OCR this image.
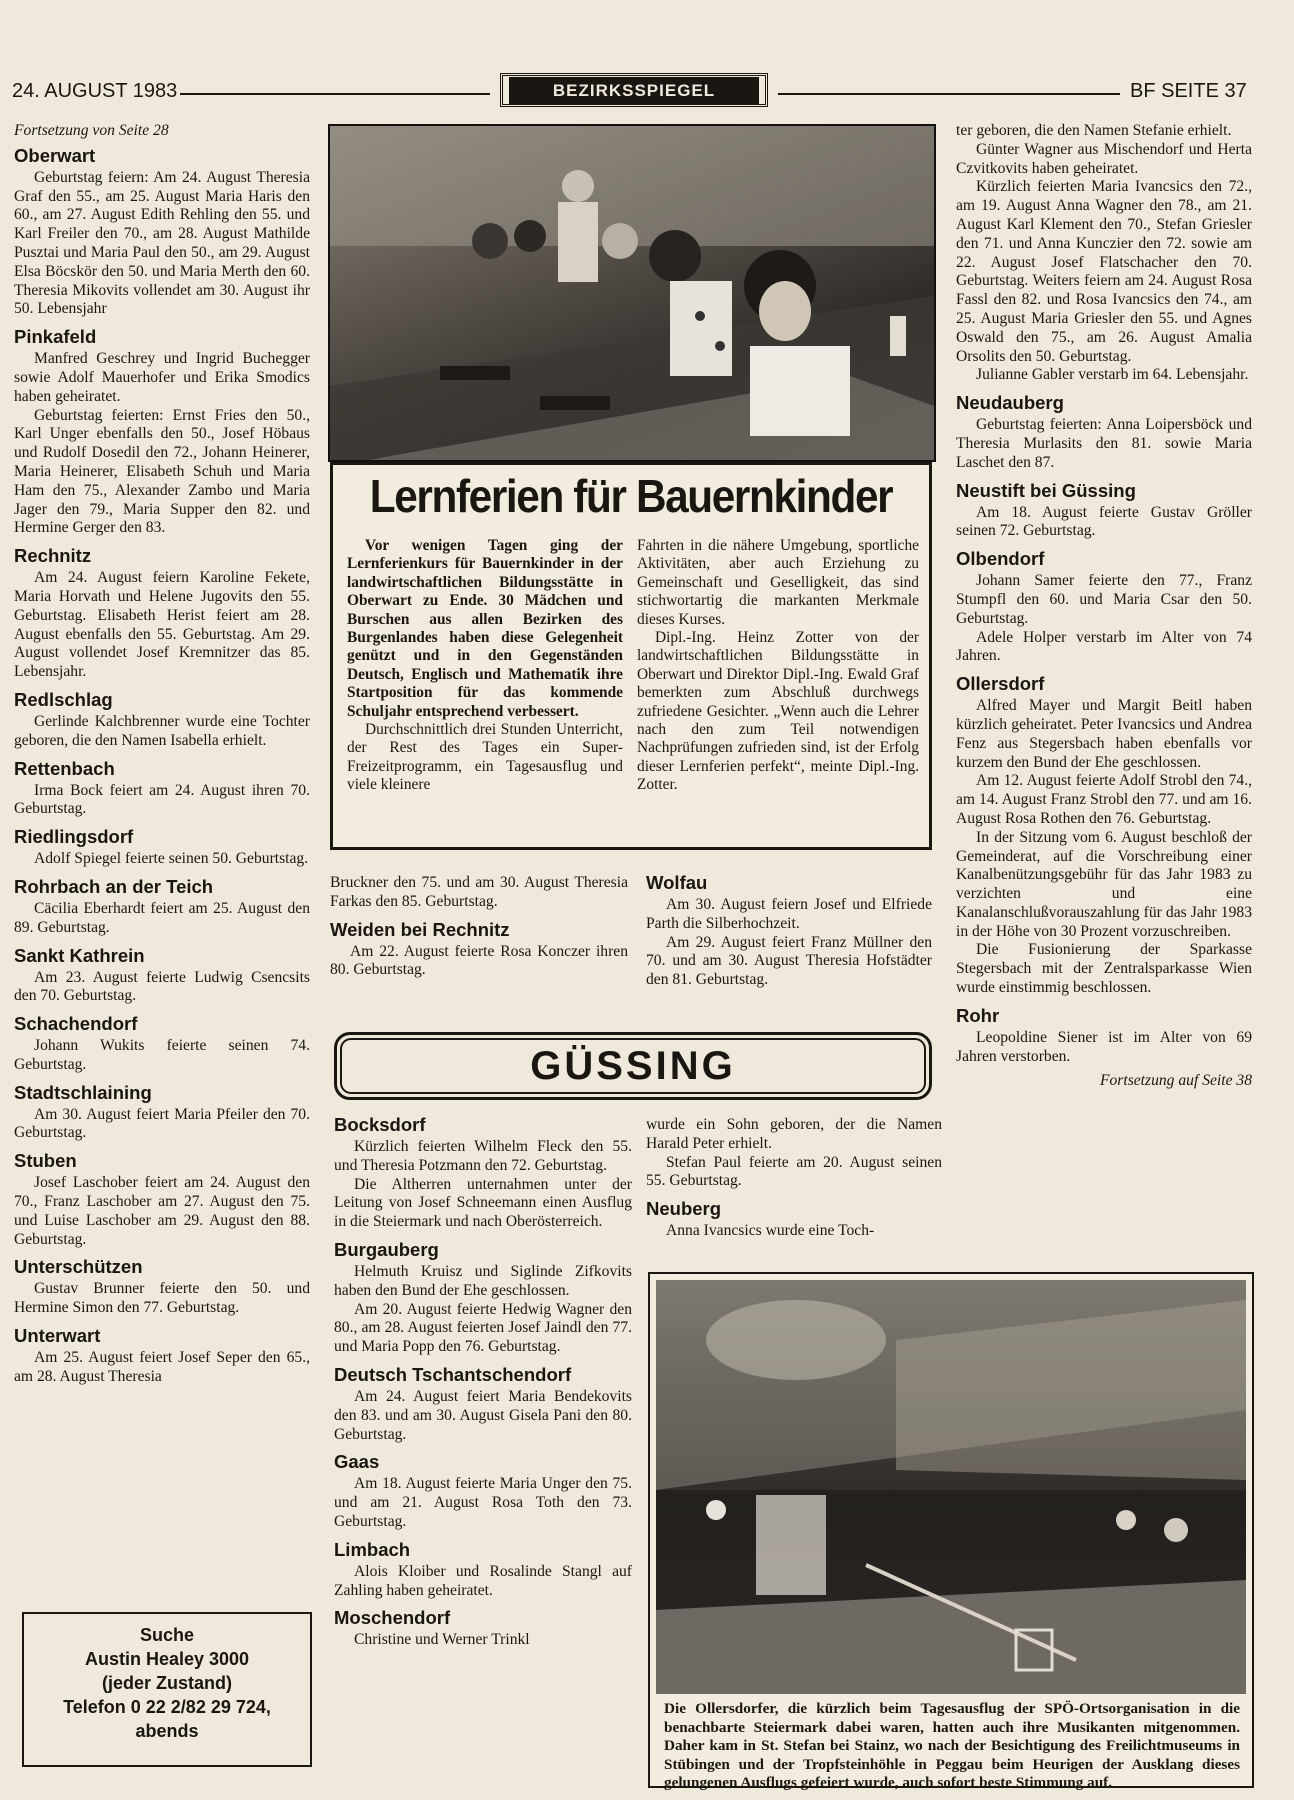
24. AUGUST 1983	BEZIRKSSPIEGEL	BF SEITE 37
Fortsetzung von Seite 28
Oberwart

Geburtstag feiern: Am 24. August Theresia Graf den 55., am 25. August Maria Haris den 60., am 27. August Edith Rehling den 55. und Karl Freiler den 70., am 28. August Mathilde Pusztai und Maria Paul den 50., am 29. August Elsa Böcskör den 50. und Maria Merth den 60. Theresia Mikovits vollendet am 30. August ihr 50. Lebensjahr

Pinkafeld

Manfred Geschrey und Ingrid Buchegger sowie Adolf Mauerhofer und Erika Smodics haben geheiratet.

Geburtstag feierten: Ernst Fries den 50., Karl Unger ebenfalls den 50., Josef Höbaus und Rudolf Dosedil den 72., Johann Heinerer, Maria Heinerer, Elisabeth Schuh und Maria Ham den 75., Alexander Zambo und Maria Jager den 79., Maria Supper den 82. und Hermine Gerger den 83.

Rechnitz

Am 24. August feiern Karoline Fekete, Maria Horvath und Helene Jugovits den 55. Geburtstag. Elisabeth Herist feiert am 28. August ebenfalls den 55. Geburtstag. Am 29. August vollendet Josef Kremnitzer das 85. Lebensjahr.

Redlschlag

Gerlinde Kalchbrenner wurde eine Tochter geboren, die den Namen Isabella erhielt.

Rettenbach

Irma Bock feiert am 24. August ihren 70. Geburtstag.

Riedlingsdorf

Adolf Spiegel feierte seinen 50. Geburtstag.

Rohrbach an der Teich

Cäcilia Eberhardt feiert am 25. August den 89. Geburtstag.

Sankt Kathrein

Am 23. August feierte Ludwig Csencsits den 70. Geburtstag.

Schachendorf

Johann Wukits feierte seinen 74. Geburtstag.

Stadtschlaining

Am 30. August feiert Maria Pfeiler den 70. Geburtstag.

Stuben

Josef Laschober feiert am 24. August den 70., Franz Laschober am 27. August den 75. und Luise Laschober am 29. August den 88. Geburtstag.

Unterschützen

Gustav Brunner feierte den 50. und Hermine Simon den 77. Geburtstag.

Unterwart

Am 25. August feiert Josef Seper den 65., am 28. August Theresia

Suche
Austin Healey 3000
(jeder Zustand)
Telefon 0 22 2/82 29 724,
abends
Lernferien für Bauernkinder

Vor wenigen Tagen ging der Lernferienkurs für Bauernkinder in der landwirtschaftlichen Bildungsstätte in Oberwart zu Ende. 30 Mädchen und Burschen aus allen Bezirken des Burgenlandes haben diese Gelegenheit genützt und in den Gegenständen Deutsch, Englisch und Mathematik ihre Startposition für das kommende Schuljahr entsprechend verbessert.

Durchschnittlich drei Stunden Unterricht, der Rest des Tages ein Super-Freizeitprogramm, ein Tagesausflug und viele kleinere

Fahrten in die nähere Umgebung, sportliche Aktivitäten, aber auch Erziehung zu Gemeinschaft und Geselligkeit, das sind stichwortartig die markanten Merkmale dieses Kurses.

Dipl.-Ing. Heinz Zotter von der landwirtschaftlichen Bildungsstätte in Oberwart und Direktor Dipl.-Ing. Ewald Graf bemerkten zum Abschluß durchwegs zufriedene Gesichter. „Wenn auch die Lehrer nach den zum Teil notwendigen Nachprüfungen zufrieden sind, ist der Erfolg dieser Lernferien perfekt“, meinte Dipl.-Ing. Zotter.

Bruckner den 75. und am 30. August Theresia Farkas den 85. Geburtstag.

Weiden bei Rechnitz

Am 22. August feierte Rosa Konczer ihren 80. Geburtstag.

Wolfau

Am 30. August feiern Josef und Elfriede Parth die Silberhochzeit.

Am 29. August feiert Franz Müllner den 70. und am 30. August Theresia Hofstädter den 81. Geburtstag.

GÜSSING
Bocksdorf

Kürzlich feierten Wilhelm Fleck den 55. und Theresia Potzmann den 72. Geburtstag.

Die Altherren unternahmen unter der Leitung von Josef Schneemann einen Ausflug in die Steiermark und nach Oberösterreich.

Burgauberg

Helmuth Kruisz und Siglinde Zifkovits haben den Bund der Ehe geschlossen.

Am 20. August feierte Hedwig Wagner den 80., am 28. August feierten Josef Jaindl den 77. und Maria Popp den 76. Geburtstag.

Deutsch Tschantschendorf

Am 24. August feiert Maria Bendekovits den 83. und am 30. August Gisela Pani den 80. Geburtstag.

Gaas

Am 18. August feierte Maria Unger den 75. und am 21. August Rosa Toth den 73. Geburtstag.

Limbach

Alois Kloiber und Rosalinde Stangl auf Zahling haben geheiratet.

Moschendorf

Christine und Werner Trinkl

wurde ein Sohn geboren, der die Namen Harald Peter erhielt.

Stefan Paul feierte am 20. August seinen 55. Geburtstag.

Neuberg

Anna Ivancsics wurde eine Toch-

Die Ollersdorfer, die kürzlich beim Tagesausflug der SPÖ-Ortsorganisation in die benachbarte Steiermark dabei waren, hatten auch ihre Musikanten mitgenommen. Daher kam in St. Stefan bei Stainz, wo nach der Besichtigung des Freilichtmuseums in Stübingen und der Tropfsteinhöhle in Peggau beim Heurigen der Ausklang dieses gelungenen Ausflugs gefeiert wurde, auch sofort beste Stimmung auf.

ter geboren, die den Namen Stefanie erhielt.

Günter Wagner aus Mischendorf und Herta Czvitkovits haben geheiratet.

Kürzlich feierten Maria Ivancsics den 72., am 19. August Anna Wagner den 78., am 21. August Karl Klement den 70., Stefan Griesler den 71. und Anna Kunczier den 72. sowie am 22. August Josef Flatschacher den 70. Geburtstag. Weiters feiern am 24. August Rosa Fassl den 82. und Rosa Ivancsics den 74., am 25. August Maria Griesler den 55. und Agnes Oswald den 75., am 26. August Amalia Orsolits den 50. Geburtstag.

Julianne Gabler verstarb im 64. Lebensjahr.

Neudauberg

Geburtstag feierten: Anna Loipersböck und Theresia Murlasits den 81. sowie Maria Laschet den 87.

Neustift bei Güssing

Am 18. August feierte Gustav Gröller seinen 72. Geburtstag.

Olbendorf

Johann Samer feierte den 77., Franz Stumpfl den 60. und Maria Csar den 50. Geburtstag.

Adele Holper verstarb im Alter von 74 Jahren.

Ollersdorf

Alfred Mayer und Margit Beitl haben kürzlich geheiratet. Peter Ivancsics und Andrea Fenz aus Stegersbach haben ebenfalls vor kurzem den Bund der Ehe geschlossen.

Am 12. August feierte Adolf Strobl den 74., am 14. August Franz Strobl den 77. und am 16. August Rosa Rothen den 76. Geburtstag.

In der Sitzung vom 6. August beschloß der Gemeinderat, auf die Vorschreibung einer Kanalbenützungsgebühr für das Jahr 1983 zu verzichten und eine Kanalanschlußvorauszahlung für das Jahr 1983 in der Höhe von 30 Prozent vorzuschreiben.

Die Fusionierung der Sparkasse Stegersbach mit der Zentralsparkasse Wien wurde einstimmig beschlossen.

Rohr

Leopoldine Siener ist im Alter von 69 Jahren verstorben.

Fortsetzung auf Seite 38
